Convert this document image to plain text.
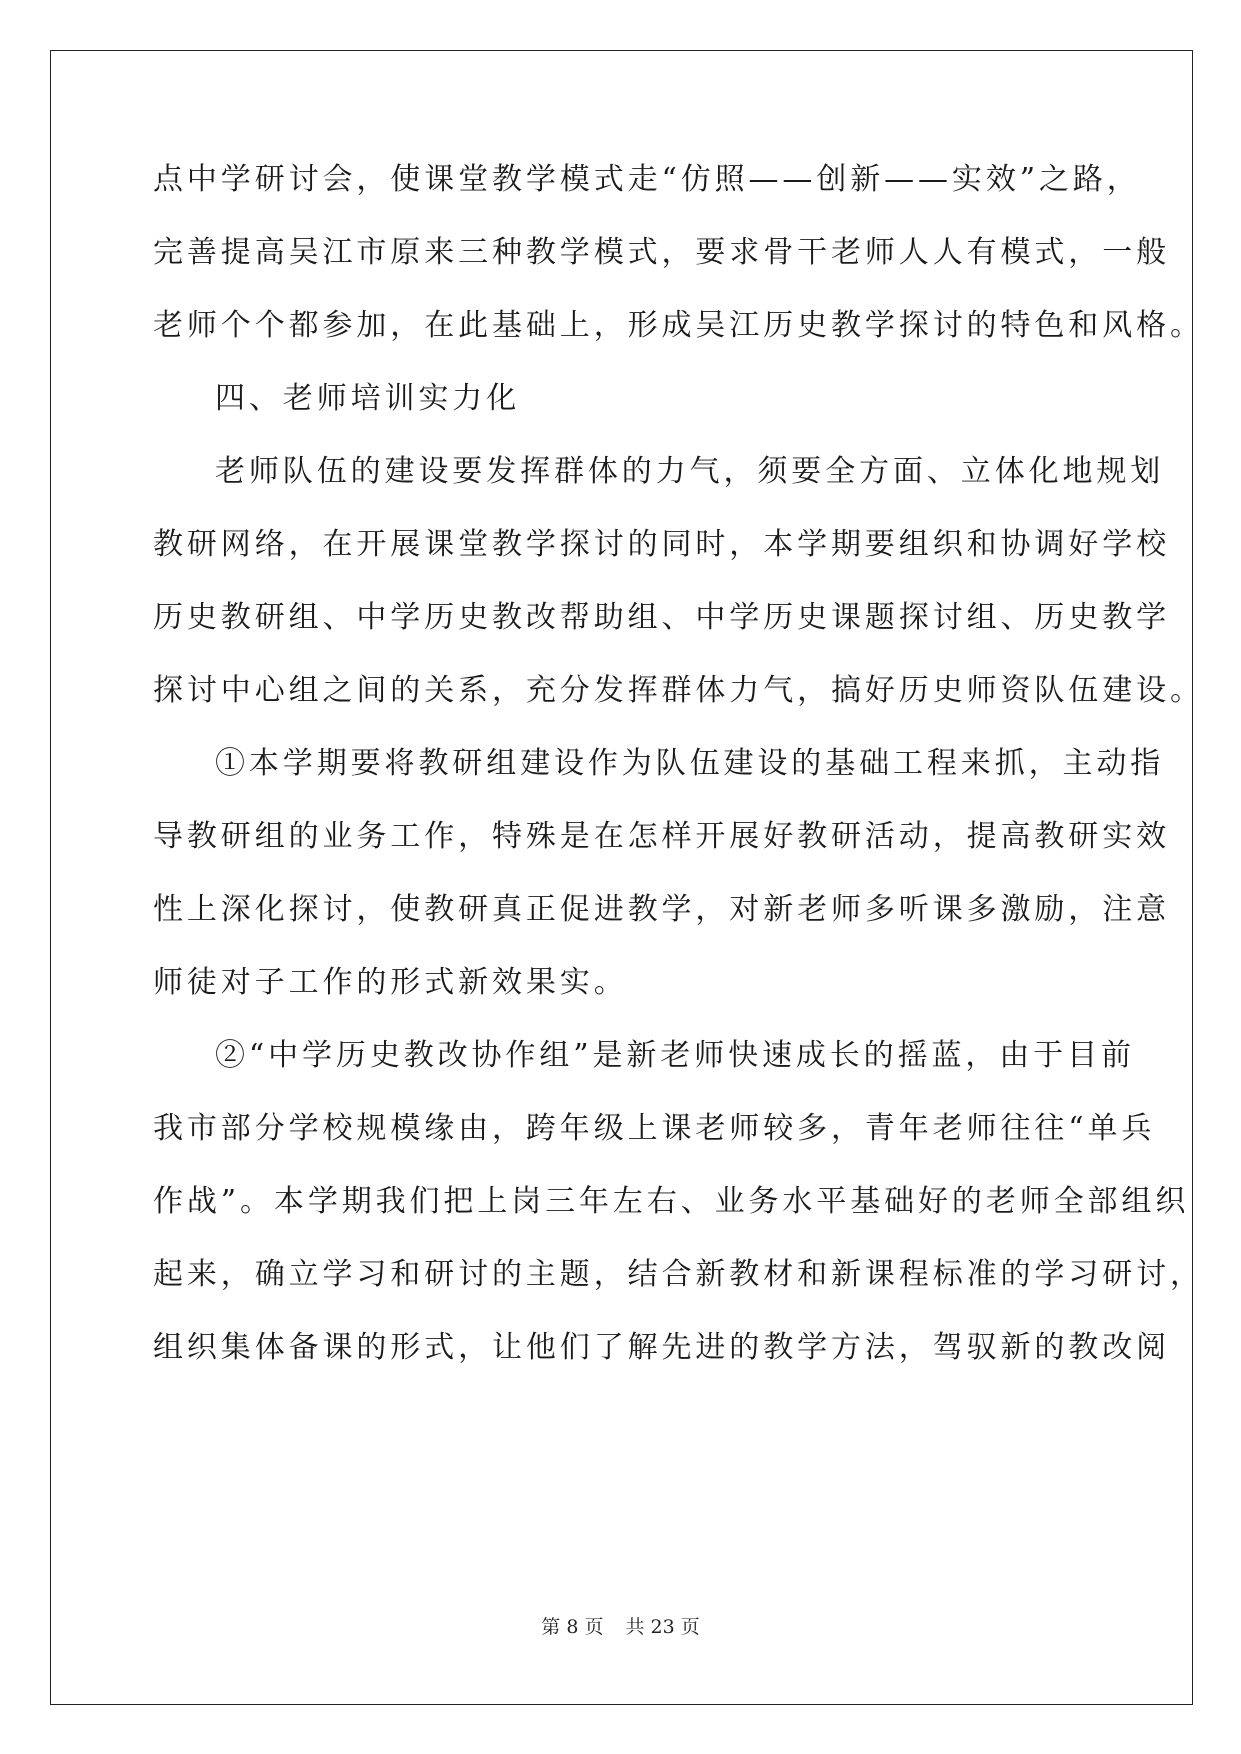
点中学研讨会，使课堂教学模式走“仿照——创新——实效”之路，
完善提高吴江市原来三种教学模式，要求骨干老师人人有模式，一般
老师个个都参加，在此基础上，形成吴江历史教学探讨的特色和风格。
四、老师培训实力化
老师队伍的建设要发挥群体的力气，须要全方面、立体化地规划
教研网络，在开展课堂教学探讨的同时，本学期要组织和协调好学校
历史教研组、中学历史教改帮助组、中学历史课题探讨组、历史教学
探讨中心组之间的关系，充分发挥群体力气，搞好历史师资队伍建设。
①本学期要将教研组建设作为队伍建设的基础工程来抓，主动指
导教研组的业务工作，特殊是在怎样开展好教研活动，提高教研实效
性上深化探讨，使教研真正促进教学，对新老师多听课多激励，注意
师徒对子工作的形式新效果实。
②“中学历史教改协作组”是新老师快速成长的摇蓝，由于目前
我市部分学校规模缘由，跨年级上课老师较多，青年老师往往“单兵
作战”。本学期我们把上岗三年左右、业务水平基础好的老师全部组织
起来，确立学习和研讨的主题，结合新教材和新课程标准的学习研讨，
组织集体备课的形式，让他们了解先进的教学方法，驾驭新的教改阅
第 8 页 共 23 页
